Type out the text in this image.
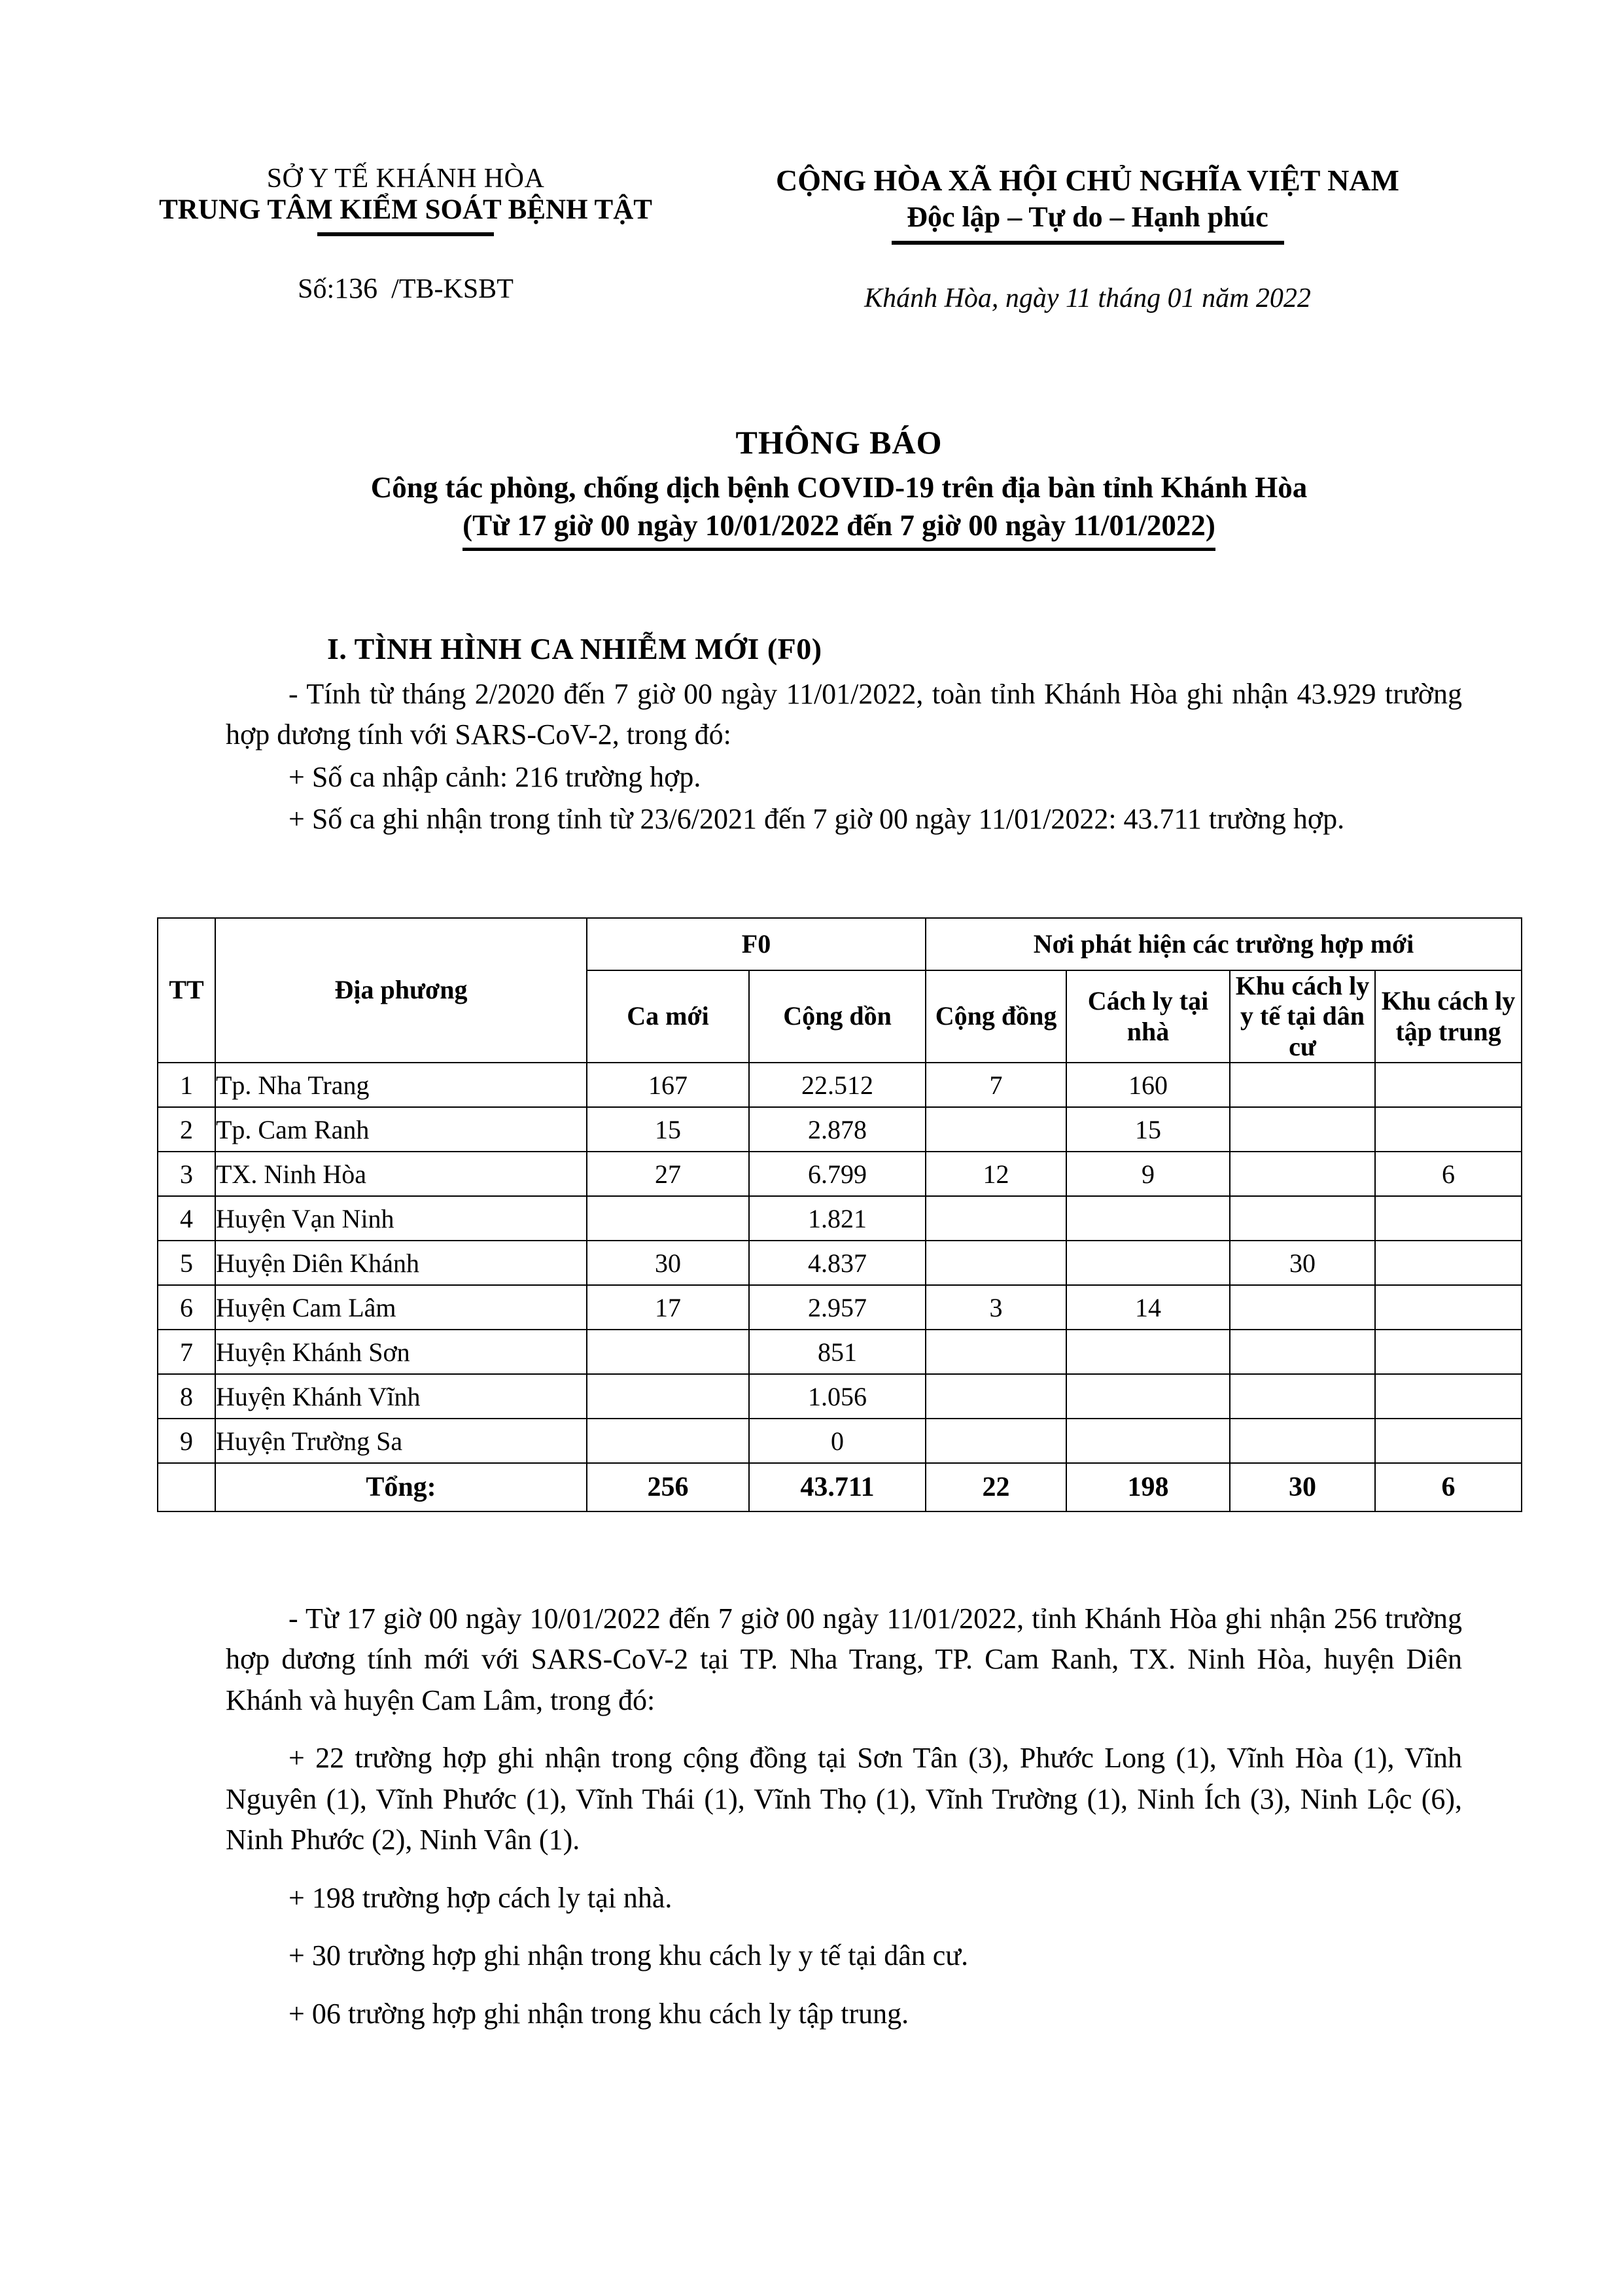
SỞ Y TẾ KHÁNH HÒA
TRUNG TÂM KIỂM SOÁT BỆNH TẬT
Số:136 /TB-KSBT
CỘNG HÒA XÃ HỘI CHỦ NGHĨA VIỆT NAM
Độc lập – Tự do – Hạnh phúc
Khánh Hòa, ngày 11 tháng 01 năm 2022
THÔNG BÁO
Công tác phòng, chống dịch bệnh COVID-19 trên địa bàn tỉnh Khánh Hòa
(Từ 17 giờ 00 ngày 10/01/2022 đến 7 giờ 00 ngày 11/01/2022)
I. TÌNH HÌNH CA NHIỄM MỚI (F0)

- Tính từ tháng 2/2020 đến 7 giờ 00 ngày 11/01/2022, toàn tỉnh Khánh Hòa ghi nhận 43.929 trường hợp dương tính với SARS-CoV-2, trong đó:

+ Số ca nhập cảnh: 216 trường hợp.

+ Số ca ghi nhận trong tỉnh từ 23/6/2021 đến 7 giờ 00 ngày 11/01/2022: 43.711 trường hợp.

TT	Địa phương	F0		Nơi phát hiện các trường hợp mới			
		Ca mới	Cộng dồn	Cộng đồng	Cách ly tại nhà	Khu cách ly y tế tại dân cư	Khu cách ly tập trung
1	Tp. Nha Trang	167	22.512	7	160		
2	Tp. Cam Ranh	15	2.878		15		
3	TX. Ninh Hòa	27	6.799	12	9		6
4	Huyện Vạn Ninh		1.821				
5	Huyện Diên Khánh	30	4.837			30	
6	Huyện Cam Lâm	17	2.957	3	14		
7	Huyện Khánh Sơn		851				
8	Huyện Khánh Vĩnh		1.056				
9	Huyện Trường Sa		0				
	Tổng:	256	43.711	22	198	30	6

- Từ 17 giờ 00 ngày 10/01/2022 đến 7 giờ 00 ngày 11/01/2022, tỉnh Khánh Hòa ghi nhận 256 trường hợp dương tính mới với SARS-CoV-2 tại TP. Nha Trang, TP. Cam Ranh, TX. Ninh Hòa, huyện Diên Khánh và huyện Cam Lâm, trong đó:

+ 22 trường hợp ghi nhận trong cộng đồng tại Sơn Tân (3), Phước Long (1), Vĩnh Hòa (1), Vĩnh Nguyên (1), Vĩnh Phước (1), Vĩnh Thái (1), Vĩnh Thọ (1), Vĩnh Trường (1), Ninh Ích (3), Ninh Lộc (6), Ninh Phước (2), Ninh Vân (1).

+ 198 trường hợp cách ly tại nhà.

+ 30 trường hợp ghi nhận trong khu cách ly y tế tại dân cư.

+ 06 trường hợp ghi nhận trong khu cách ly tập trung.
